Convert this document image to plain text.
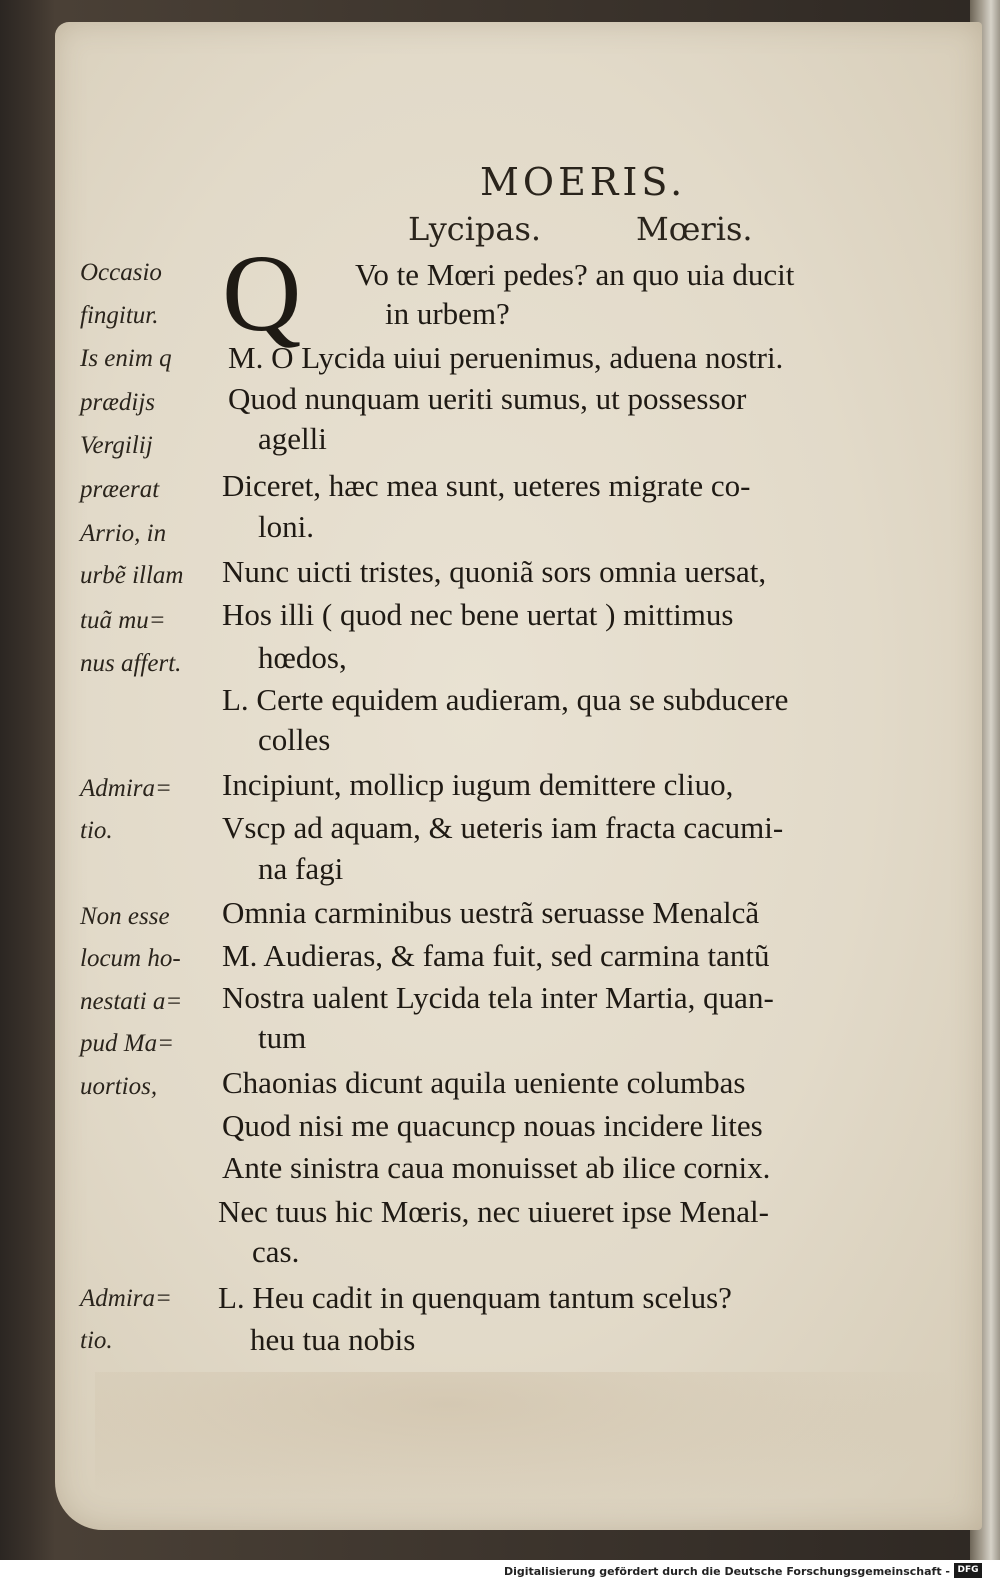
MOERIS.
Lycipas.	Mœris.
Q Vo te Mœri pedes? an quo uia ducit
in urbem?
M. O Lycida uiui peruenimus, aduena nostri.
Quod nunquam ueriti sumus, ut possessor
agelli
Diceret, hæc mea sunt, ueteres migrate co-
loni.
Nunc uicti tristes, quoniã sors omnia uersat,
Hos illi ( quod nec bene uertat ) mittimus
hœdos,
L. Certe equidem audieram, qua se subducere
colles
Incipiunt, mollicp iugum demittere cliuo,
Vscp ad aquam, & ueteris iam fracta cacumi-
na fagi
Omnia carminibus uestrã seruasse Menalcã
M. Audieras, & fama fuit, sed carmina tantũ
Nostra ualent Lycida tela inter Martia, quan-
tum
Chaonias dicunt aquila ueniente columbas
Quod nisi me quacuncp nouas incidere lites
Ante sinistra caua monuisset ab ilice cornix.
Nec tuus hic Mœris, nec uiueret ipse Menal-
cas.
L. Heu cadit in quenquam tantum scelus?
heu tua nobis
Occasio
fingitur.
Is enim q
prædijs
Vergilij
præerat
Arrio, in
urbẽ illam
tuã mu=
nus affert.
Admira=
tio.
Non esse
locum ho-
nestati a=
pud Ma=
uortios,
Admira=
tio.
Digitalisierung gefördert durch die Deutsche Forschungsgemeinschaft - DFG
